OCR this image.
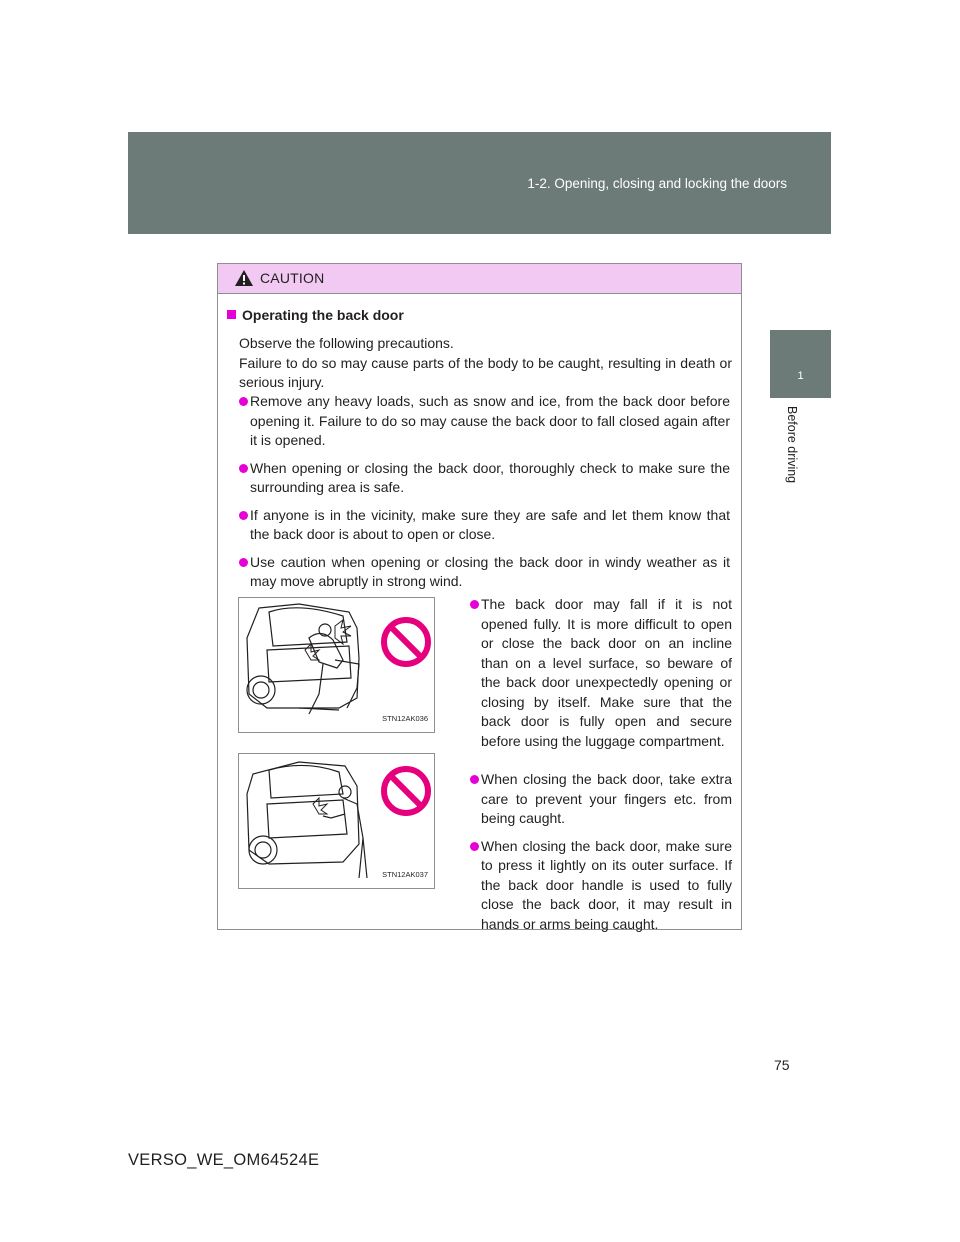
1-2. Opening, closing and locking the doors
1
Before driving
CAUTION
Operating the back door
Observe the following precautions.
Failure to do so may cause parts of the body to be caught, resulting in death or serious injury.
Remove any heavy loads, such as snow and ice, from the back door before opening it. Failure to do so may cause the back door to fall closed again after it is opened.
When opening or closing the back door, thoroughly check to make sure the surrounding area is safe.
If anyone is in the vicinity, make sure they are safe and let them know that the back door is about to open or close.
Use caution when opening or closing the back door in windy weather as it may move abruptly in strong wind.
STN12AK036
The back door may fall if it is not opened fully. It is more difficult to open or close the back door on an incline than on a level surface, so beware of the back door unexpectedly opening or closing by itself. Make sure that the back door is fully open and secure before using the luggage compartment.
STN12AK037
When closing the back door, take extra care to prevent your fingers etc. from being caught.
When closing the back door, make sure to press it lightly on its outer surface. If the back door handle is used to fully close the back door, it may result in hands or arms being caught.
75
VERSO_WE_OM64524E
